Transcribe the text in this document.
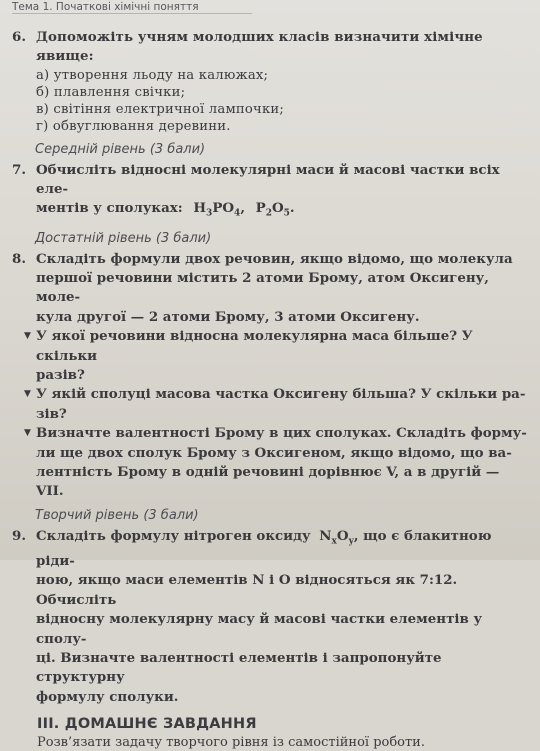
Тема 1. Початкові хімічні поняття
6. Допоможіть учням молодших класів визначити хімічне явище:
а) утворення льоду на калюжах;
б) плавлення свічки;
в) світіння електричної лампочки;
г) обвуглювання деревини.
Середній рівень (3 бали)
7. Обчисліть відносні молекулярні маси й масові частки всіх еле-
ментів у сполуках: $H_3PO_4$, $P_2O_5$.
Достатній рівень (3 бали)
8. Складіть формули двох речовин, якщо відомо, що молекула
першої речовини містить 2 атоми Брому, атом Оксигену, моле-
кула другої — 2 атоми Брому, 3 атоми Оксигену.
▼ У якої речовини відносна молекулярна маса більше? У скільки
разів?
▼ У якій сполуці масова частка Оксигену більша? У скільки ра-
зів?
▼ Визначте валентності Брому в цих сполуках. Складіть форму-
ли ще двох сполук Брому з Оксигеном, якщо відомо, що ва-
лентність Брому в одній речовині дорівнює V, а в другій — VII.
Творчий рівень (3 бали)
9. Складіть формулу нітроген оксиду $N_xO_y$, що є блакитною ріди-
ною, якщо маси елементів N і O відносяться як 7:12. Обчисліть
відносну молекулярну масу й масові частки елементів у сполу-
ці. Визначте валентності елементів і запропонуйте структурну
формулу сполуки.
III. ДОМАШНЄ ЗАВДАННЯ
Розв’язати задачу творчого рівня із самостійної роботи.
